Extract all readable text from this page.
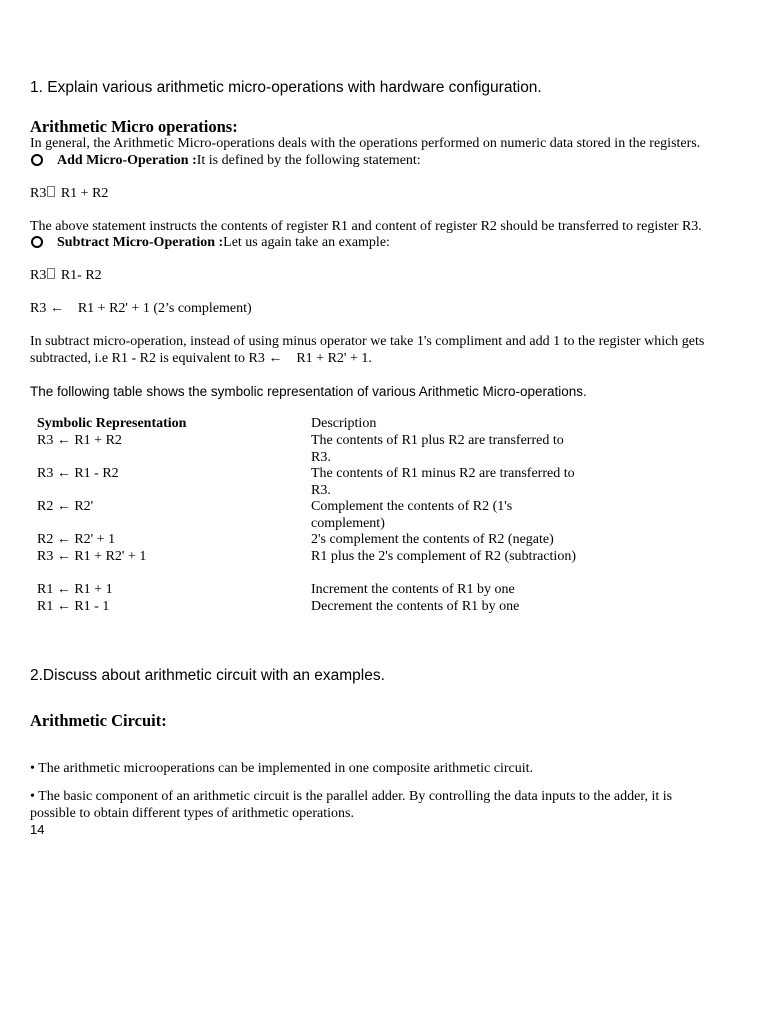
1. Explain various arithmetic micro-operations with hardware configuration.
Arithmetic Micro operations:
In general, the Arithmetic Micro-operations deals with the operations performed on numeric data stored in the registers.
Add Micro-Operation :It is defined by the following statement:
R3 R1 + R2
The above statement instructs the contents of register R1 and content of register R2 should be transferred to register R3.
Subtract Micro-Operation :Let us again take an example:
R3 R1- R2
R3 ←    R1 + R2' + 1 (2’s complement)
In subtract micro-operation, instead of using minus operator we take 1's compliment and add 1 to the register which gets
subtracted, i.e R1 - R2 is equivalent to R3 ←    R1 + R2' + 1.
The following table shows the symbolic representation of various Arithmetic Micro-operations.
Symbolic Representation	Description
R3 ← R1 + R2	The contents of R1 plus R2 are transferred to R3.
R3 ← R1 - R2	The contents of R1 minus R2 are transferred to R3.
R2 ← R2'	Complement the contents of R2 (1's complement)
R2 ← R2' + 1	2's complement the contents of R2 (negate)
R3 ← R1 + R2' + 1	R1 plus the 2's complement of R2 (subtraction)
R1 ← R1 + 1	Increment the contents of R1 by one
R1 ← R1 - 1	Decrement the contents of R1 by one
2.Discuss about arithmetic circuit with an examples.
Arithmetic Circuit:
• The arithmetic microoperations can be implemented in one composite arithmetic circuit.
• The basic component of an arithmetic circuit is the parallel adder. By controlling the data inputs to the adder, it is
possible to obtain different types of arithmetic operations.
14
